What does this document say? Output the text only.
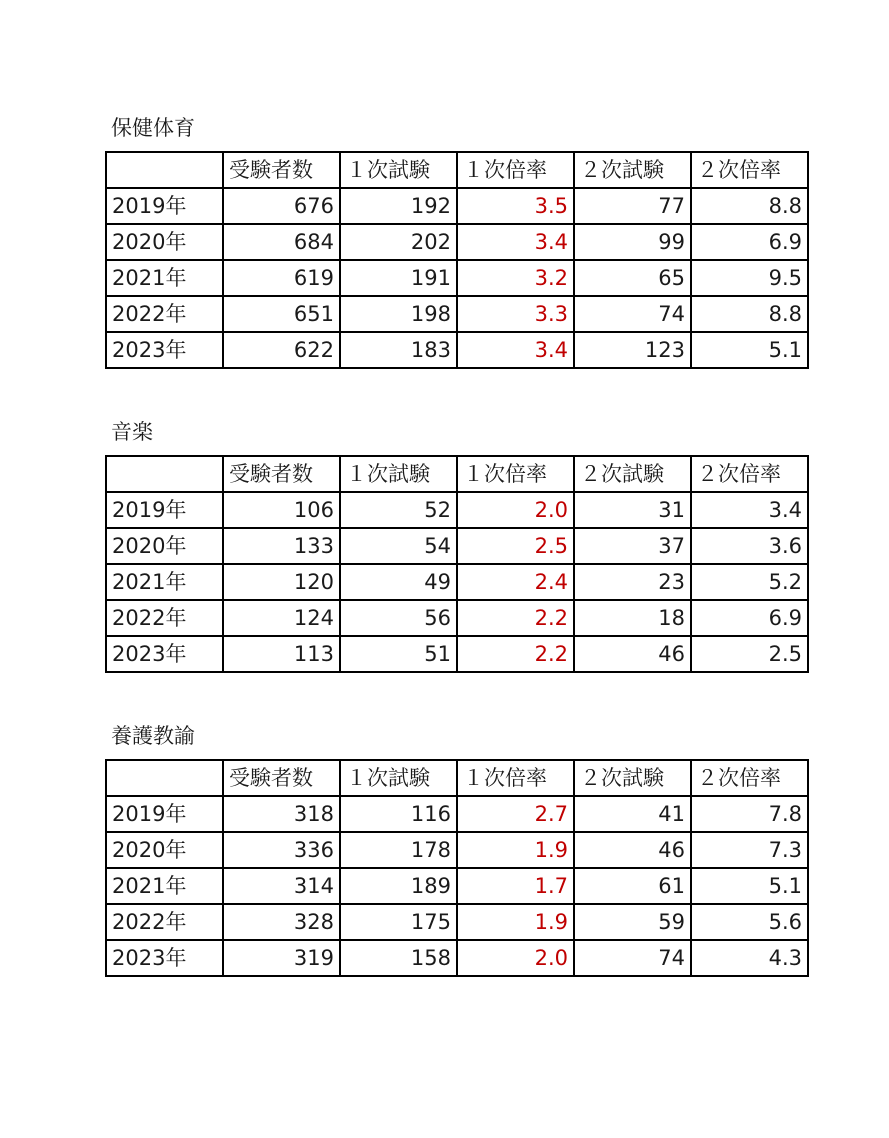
保健体育
	受験者数	１次試験	１次倍率	２次試験	２次倍率
2019年	676	192	3.5	77	8.8
2020年	684	202	3.4	99	6.9
2021年	619	191	3.2	65	9.5
2022年	651	198	3.3	74	8.8
2023年	622	183	3.4	123	5.1
音楽
	受験者数	１次試験	１次倍率	２次試験	２次倍率
2019年	106	52	2.0	31	3.4
2020年	133	54	2.5	37	3.6
2021年	120	49	2.4	23	5.2
2022年	124	56	2.2	18	6.9
2023年	113	51	2.2	46	2.5
養護教諭
	受験者数	１次試験	１次倍率	２次試験	２次倍率
2019年	318	116	2.7	41	7.8
2020年	336	178	1.9	46	7.3
2021年	314	189	1.7	61	5.1
2022年	328	175	1.9	59	5.6
2023年	319	158	2.0	74	4.3
